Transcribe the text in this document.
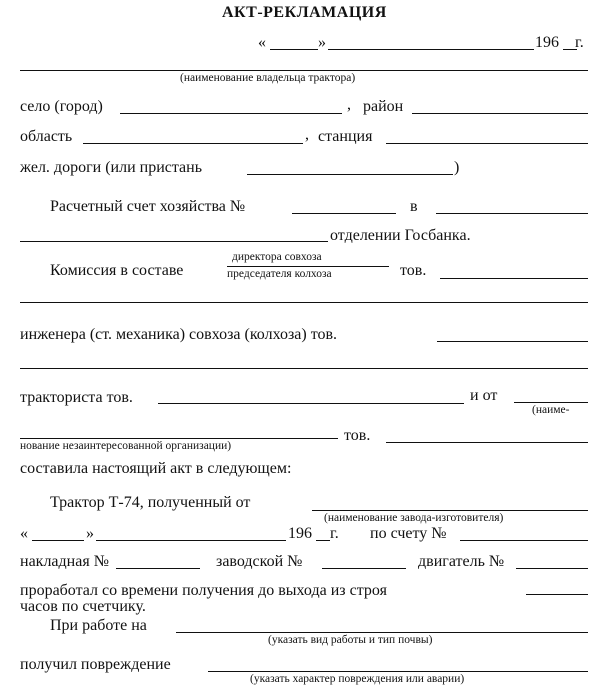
АКТ-РЕКЛАМАЦИЯ
«	»	196 г.
(наименование владельца трактора)
село (город)	, район
область	, станция
жел. дороги (или пристань	)
Расчетный счет хозяйства №	в
отделении Госбанка.
Комиссия в составе
директора совхоза
председателя колхоза	тов.
инженера (ст. механика) совхоза (колхоза) тов.
тракториста тов.	и от
(наиме-
нование незаинтересованной организации)
тов.
составила настоящий акт в следующем:
Трактор Т-74, полученный от
(наименование завода-изготовителя)
«	»	196 г. по счету №
накладная №	заводской №	двигатель №
проработал со времени получения до выхода из строя
часов по счетчику.
При работе на
(указать вид работы и тип почвы)
получил повреждение
(указать характер повреждения или аварии)
